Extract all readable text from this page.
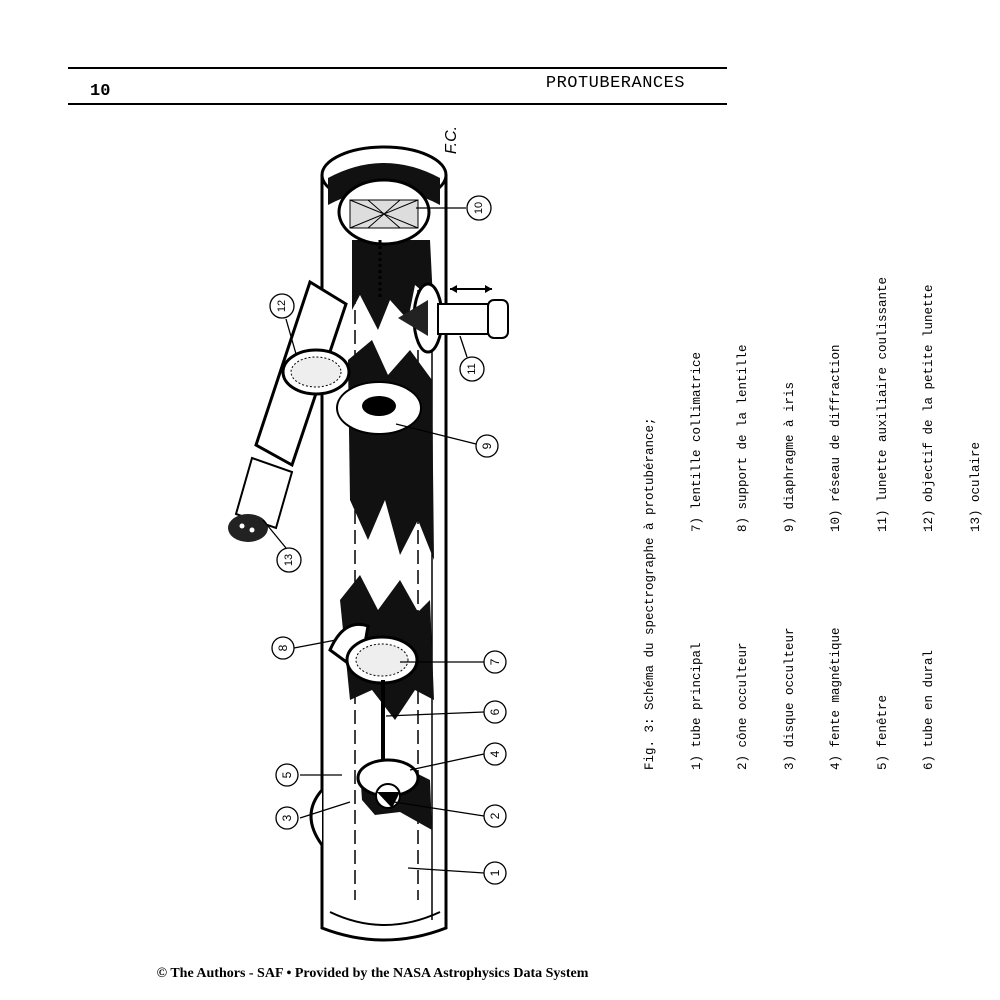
10	PROTUBERANCES
1
2
3
4
5
6
7
8
9
10
11
12
13
F.C.

Fig. 3: Schéma du spectrographe à protubérance;

	1) tube principal
7) lentille collimatrice

2) cône occulteur
8) support de la lentille

3) disque occulteur
9) diaphragme à iris

4) fente magnétique
10) réseau de diffraction

5) fenêtre
11) lunette auxiliaire coulissante

6) tube en dural
12) objectif de la petite lunette

	13) oculaire

© The Authors - SAF • Provided by the NASA Astrophysics Data System
